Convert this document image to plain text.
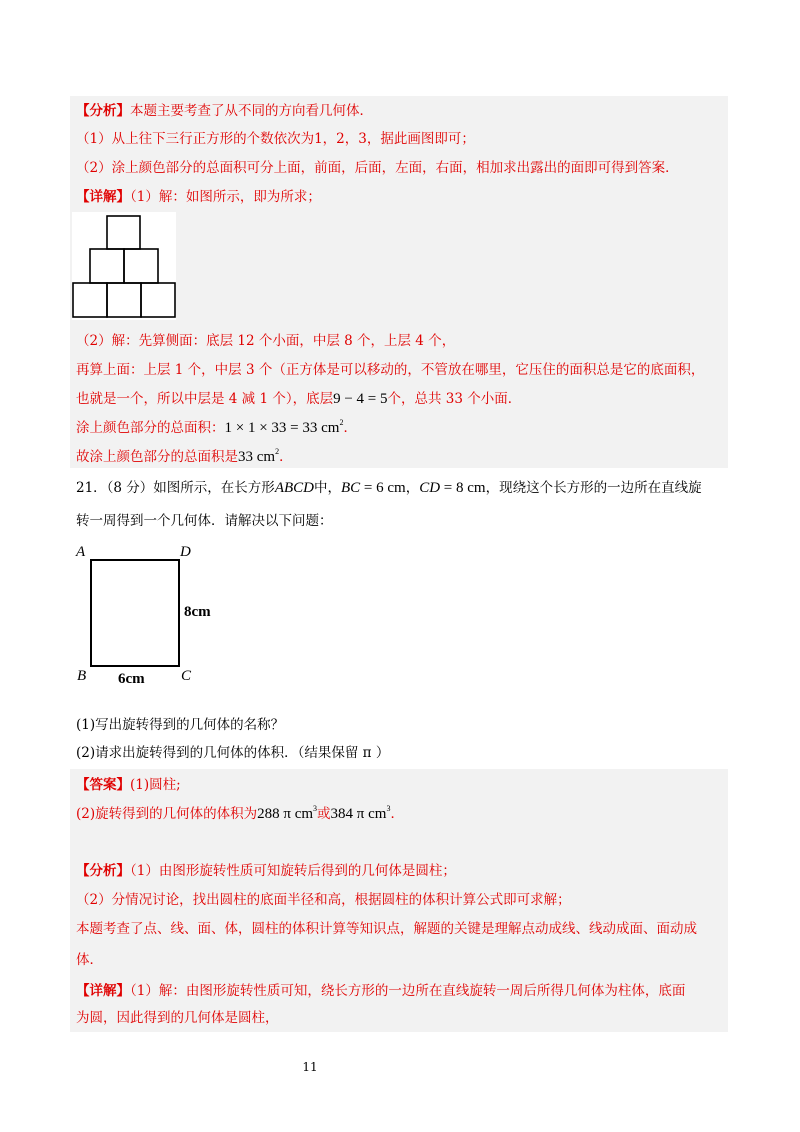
【分析】本题主要考查了从不同的方向看几何体．
（1）从上往下三行正方形的个数依次为1，2，3，据此画图即可；
（2）涂上颜色部分的总面积可分上面，前面，后面，左面，右面，相加求出露出的面即可得到答案．
【详解】（1）解：如图所示，即为所求；
（2）解：先算侧面：底层 12 个小面，中层 8 个，上层 4 个，
再算上面：上层 1 个，中层 3 个（正方体是可以移动的，不管放在哪里，它压住的面积总是它的底面积，
也就是一个，所以中层是 4 减 1 个），底层9 − 4 = 5个，总共 33 个小面．
涂上颜色部分的总面积：1 × 1 × 33 = 33 $cm^2$．
故涂上颜色部分的总面积是33 $cm^2$．
21．（8 分）如图所示，在长方形ABCD中，BC = 6 cm，CD = 8 cm，现绕这个长方形的一边所在直线旋
转一周得到一个几何体．请解决以下问题：
A	D
B	C
8cm
6cm
(1)写出旋转得到的几何体的名称？
(2)请求出旋转得到的几何体的体积．（结果保留 π ）
【答案】(1)圆柱;
(2)旋转得到的几何体的体积为288 π $cm^3$或384 π $cm^3$．
【分析】（1）由图形旋转性质可知旋转后得到的几何体是圆柱；
（2）分情况讨论，找出圆柱的底面半径和高，根据圆柱的体积计算公式即可求解；
本题考查了点、线、面、体，圆柱的体积计算等知识点，解题的关键是理解点动成线、线动成面、面动成
体．
【详解】（1）解：由图形旋转性质可知，绕长方形的一边所在直线旋转一周后所得几何体为柱体，底面
为圆，因此得到的几何体是圆柱，
11
